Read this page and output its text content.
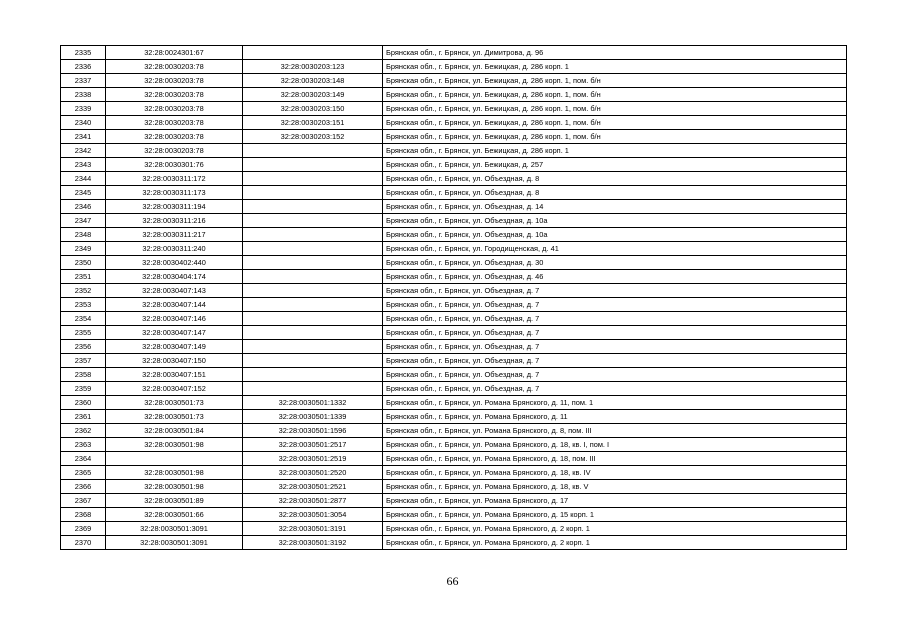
2335	32:28:0024301:67		Брянская обл., г. Брянск, ул. Димитрова, д. 96
2336	32:28:0030203:78	32:28:0030203:123	Брянская обл., г. Брянск, ул. Бежицкая, д. 286 корп. 1
2337	32:28:0030203:78	32:28:0030203:148	Брянская обл., г. Брянск, ул. Бежицкая, д. 286 корп. 1, пом. б/н
2338	32:28:0030203:78	32:28:0030203:149	Брянская обл., г. Брянск, ул. Бежицкая, д. 286 корп. 1, пом. б/н
2339	32:28:0030203:78	32:28:0030203:150	Брянская обл., г. Брянск, ул. Бежицкая, д. 286 корп. 1, пом. б/н
2340	32:28:0030203:78	32:28:0030203:151	Брянская обл., г. Брянск, ул. Бежицкая, д. 286 корп. 1, пом. б/н
2341	32:28:0030203:78	32:28:0030203:152	Брянская обл., г. Брянск, ул. Бежицкая, д. 286 корп. 1, пом. б/н
2342	32:28:0030203:78		Брянская обл., г. Брянск, ул. Бежицкая, д. 286 корп. 1
2343	32:28:0030301:76		Брянская обл., г. Брянск, ул. Бежицкая, д. 257
2344	32:28:0030311:172		Брянская обл., г. Брянск, ул. Объездная, д. 8
2345	32:28:0030311:173		Брянская обл., г. Брянск, ул. Объездная, д. 8
2346	32:28:0030311:194		Брянская обл., г. Брянск, ул. Объездная, д. 14
2347	32:28:0030311:216		Брянская обл., г. Брянск, ул. Объездная, д. 10а
2348	32:28:0030311:217		Брянская обл., г. Брянск, ул. Объездная, д. 10а
2349	32:28:0030311:240		Брянская обл., г. Брянск, ул. Городищенская, д. 41
2350	32:28:0030402:440		Брянская обл., г. Брянск, ул. Объездная, д. 30
2351	32:28:0030404:174		Брянская обл., г. Брянск, ул. Объездная, д. 46
2352	32:28:0030407:143		Брянская обл., г. Брянск, ул. Объездная, д. 7
2353	32:28:0030407:144		Брянская обл., г. Брянск, ул. Объездная, д. 7
2354	32:28:0030407:146		Брянская обл., г. Брянск, ул. Объездная, д. 7
2355	32:28:0030407:147		Брянская обл., г. Брянск, ул. Объездная, д. 7
2356	32:28:0030407:149		Брянская обл., г. Брянск, ул. Объездная, д. 7
2357	32:28:0030407:150		Брянская обл., г. Брянск, ул. Объездная, д. 7
2358	32:28:0030407:151		Брянская обл., г. Брянск, ул. Объездная, д. 7
2359	32:28:0030407:152		Брянская обл., г. Брянск, ул. Объездная, д. 7
2360	32:28:0030501:73	32:28:0030501:1332	Брянская обл., г. Брянск, ул. Романа Брянского, д. 11, пом. 1
2361	32:28:0030501:73	32:28:0030501:1339	Брянская обл., г. Брянск, ул. Романа Брянского, д. 11
2362	32:28:0030501:84	32:28:0030501:1596	Брянская обл., г. Брянск, ул. Романа Брянского, д. 8, пом. III
2363	32:28:0030501:98	32:28:0030501:2517	Брянская обл., г. Брянск, ул. Романа Брянского, д. 18, кв. I, пом. I
2364		32:28:0030501:2519	Брянская обл., г. Брянск, ул. Романа Брянского, д. 18, пом. III
2365	32:28:0030501:98	32:28:0030501:2520	Брянская обл., г. Брянск, ул. Романа Брянского, д. 18, кв. IV
2366	32:28:0030501:98	32:28:0030501:2521	Брянская обл., г. Брянск, ул. Романа Брянского, д. 18, кв. V
2367	32:28:0030501:89	32:28:0030501:2877	Брянская обл., г. Брянск, ул. Романа Брянского, д. 17
2368	32:28:0030501:66	32:28:0030501:3054	Брянская обл., г. Брянск, ул. Романа Брянского, д. 15 корп. 1
2369	32:28:0030501:3091	32:28:0030501:3191	Брянская обл., г. Брянск, ул. Романа Брянского, д. 2 корп. 1
2370	32:28:0030501:3091	32:28:0030501:3192	Брянская обл., г. Брянск, ул. Романа Брянского, д. 2 корп. 1
66
